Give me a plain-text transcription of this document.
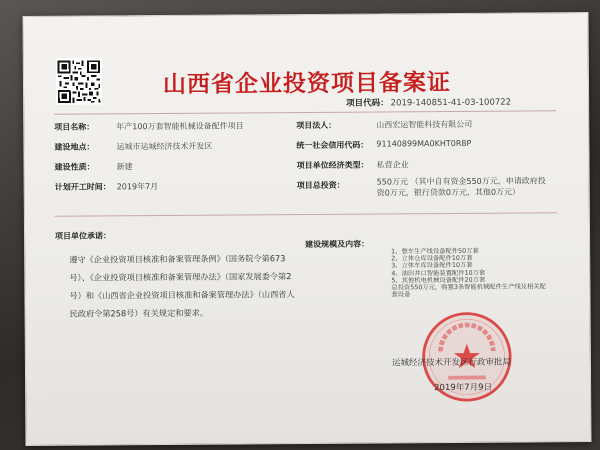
山西省企业投资项目备案证
项目代码： 2019-140851-41-03-100722
项目名称：	年产100万套智能机械设备配件项目
建设地点：	运城市运城经济技术开发区
建设性质：	新建
计划开工时间： 2019年7月
项目法人：	山西宏运智能科技有限公司
统一社会信用代码： 91140899MA0KHT0R8P
项目单位经济类型： 私营企业
项目总投资：	550万元 （其中自有资金550万元，申请政府投资0万元，银行贷款0万元，其他0万元）
项目单位承诺：
遵守《企业投资项目核准和备案管理条例》（国务院令第673号）、《企业投资项目核准和备案管理办法》（国家发展委令第2号）和《山西省企业投资项目核准和备案管理办法》（山西省人民政府令第258号）有关规定和要求。
建设规模及内容：
1、整车生产线设备配件50万套
2、立体仓库设备配件10万套
3、立体车库设备配件10万套
4、油田井口智能装置配件10万套
5、其他机电机械设备配件20万套
总投资550万元，购置3条智能机械配件生产线及相关配套设备
运城经济技术开发区行政审批局
2019年7月9日
